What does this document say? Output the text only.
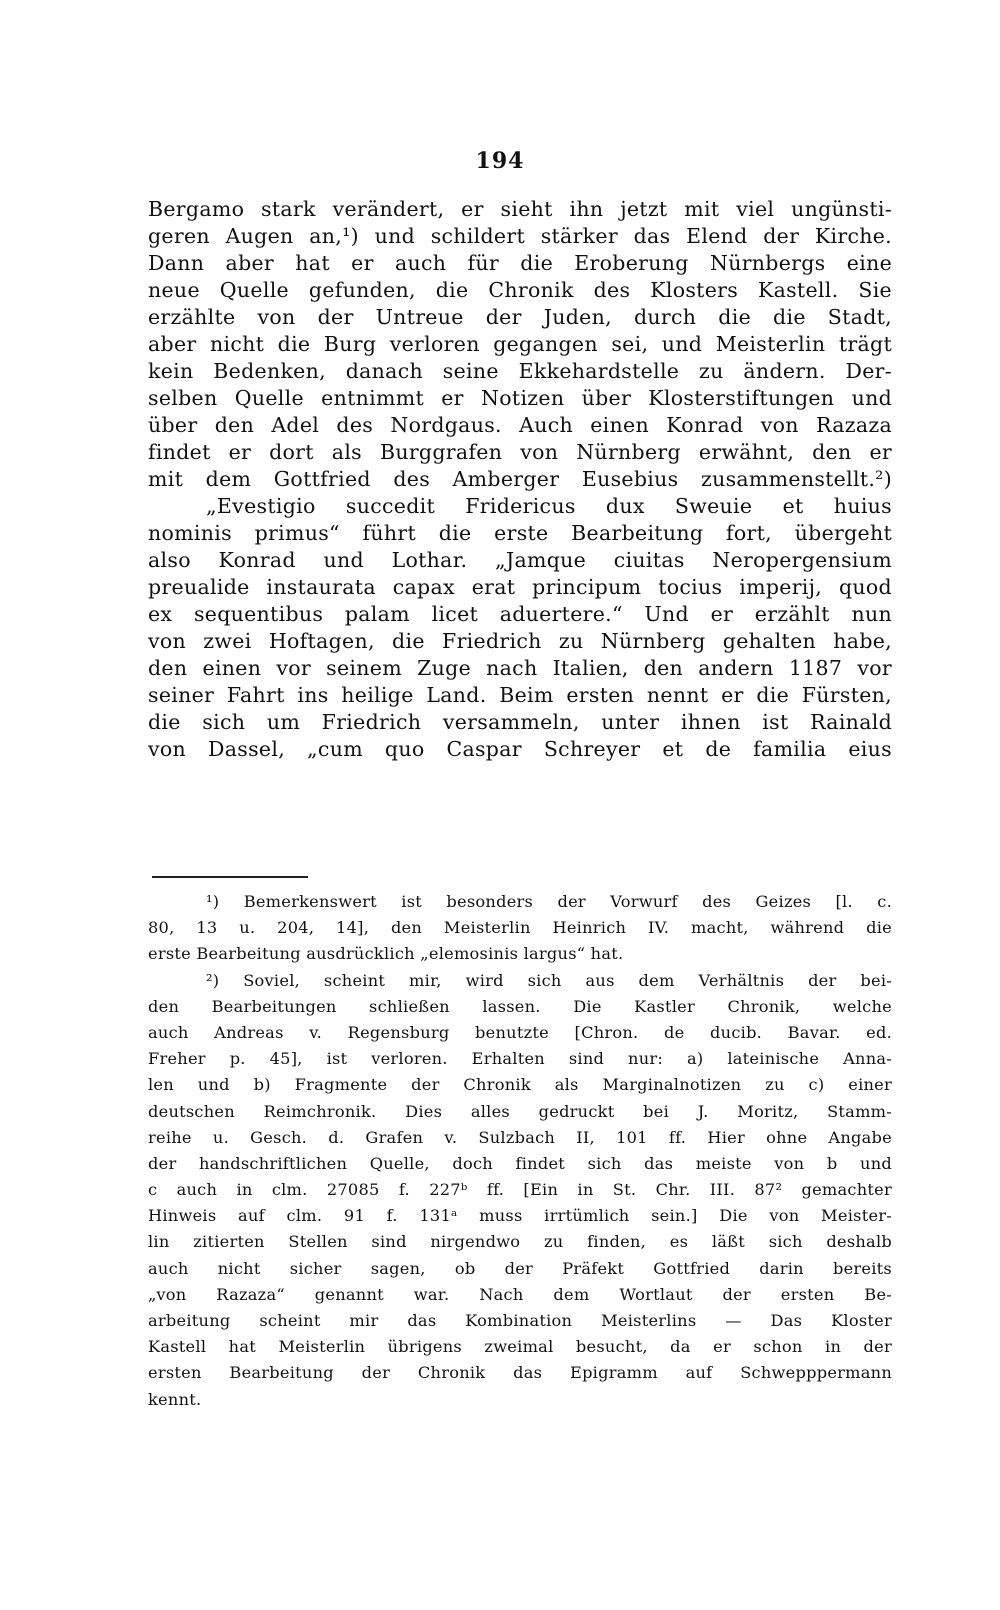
194
Bergamo stark verändert, er sieht ihn jetzt mit viel ungünsti-
geren Augen an,¹) und schildert stärker das Elend der Kirche.
Dann aber hat er auch für die Eroberung Nürnbergs eine
neue Quelle gefunden, die Chronik des Klosters Kastell. Sie
erzählte von der Untreue der Juden, durch die die Stadt,
aber nicht die Burg verloren gegangen sei, und Meisterlin trägt
kein Bedenken, danach seine Ekkehardstelle zu ändern. Der-
selben Quelle entnimmt er Notizen über Klosterstiftungen und
über den Adel des Nordgaus. Auch einen Konrad von Razaza
findet er dort als Burggrafen von Nürnberg erwähnt, den er
mit dem Gottfried des Amberger Eusebius zusammenstellt.²)
„Evestigio succedit Fridericus dux Sweuie et huius
nominis primus“ führt die erste Bearbeitung fort, übergeht
also Konrad und Lothar. „Jamque ciuitas Neropergensium
preualide instaurata capax erat principum tocius imperij, quod
ex sequentibus palam licet aduertere.“ Und er erzählt nun
von zwei Hoftagen, die Friedrich zu Nürnberg gehalten habe,
den einen vor seinem Zuge nach Italien, den andern 1187 vor
seiner Fahrt ins heilige Land. Beim ersten nennt er die Fürsten,
die sich um Friedrich versammeln, unter ihnen ist Rainald
von Dassel, „cum quo Caspar Schreyer et de familia eius
¹) Bemerkenswert ist besonders der Vorwurf des Geizes [l. c.
80, 13 u. 204, 14], den Meisterlin Heinrich IV. macht, während die
erste Bearbeitung ausdrücklich „elemosinis largus“ hat.
²) Soviel, scheint mir, wird sich aus dem Verhältnis der bei-
den Bearbeitungen schließen lassen. Die Kastler Chronik, welche
auch Andreas v. Regensburg benutzte [Chron. de ducib. Bavar. ed.
Freher p. 45], ist verloren. Erhalten sind nur: a) lateinische Anna-
len und b) Fragmente der Chronik als Marginalnotizen zu c) einer
deutschen Reimchronik. Dies alles gedruckt bei J. Moritz, Stamm-
reihe u. Gesch. d. Grafen v. Sulzbach II, 101 ff. Hier ohne Angabe
der handschriftlichen Quelle, doch findet sich das meiste von b und
c auch in clm. 27085 f. 227ᵇ ff. [Ein in St. Chr. III. 87² gemachter
Hinweis auf clm. 91 f. 131ᵃ muss irrtümlich sein.] Die von Meister-
lin zitierten Stellen sind nirgendwo zu finden, es läßt sich deshalb
auch nicht sicher sagen, ob der Präfekt Gottfried darin bereits
„von Razaza“ genannt war. Nach dem Wortlaut der ersten Be-
arbeitung scheint mir das Kombination Meisterlins — Das Kloster
Kastell hat Meisterlin übrigens zweimal besucht, da er schon in der
ersten Bearbeitung der Chronik das Epigramm auf Schwepppermann
kennt.
